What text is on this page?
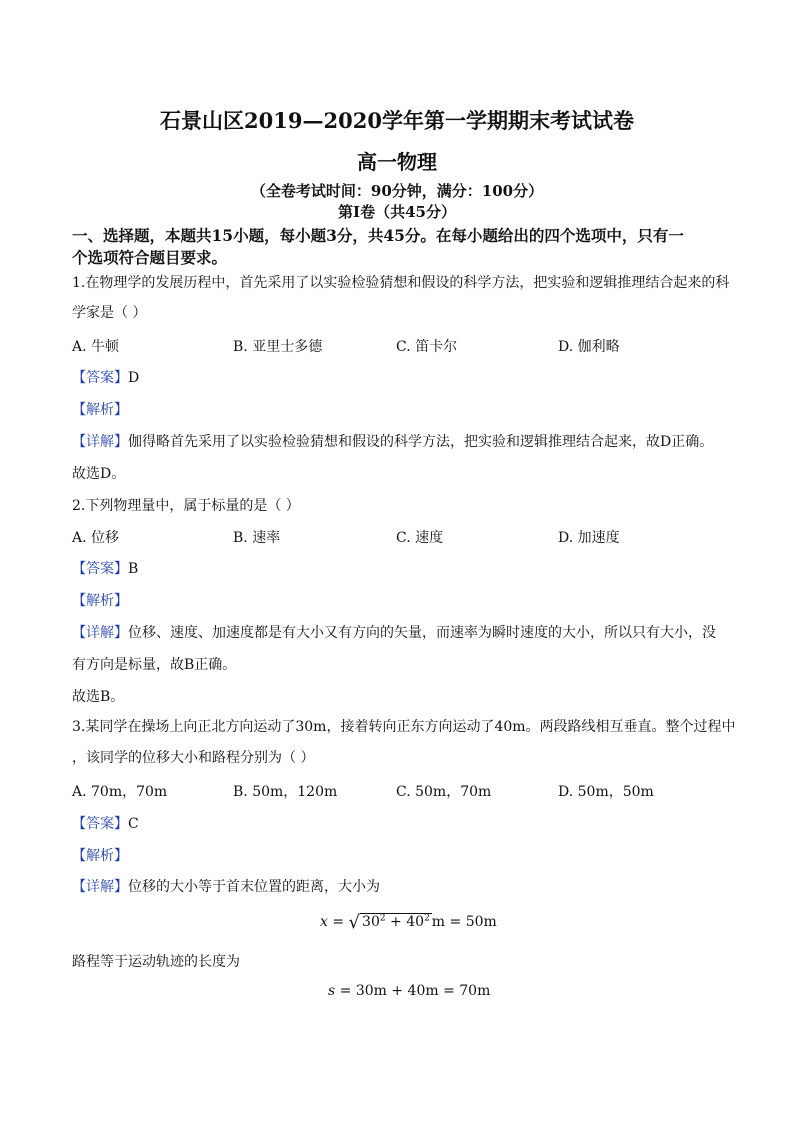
石景山区2019—2020学年第一学期期末考试试卷
高一物理
（全卷考试时间：90分钟，满分：100分）
第I卷（共45分）
一、选择题，本题共15小题，每小题3分，共45分。在每小题给出的四个选项中，只有一
个选项符合题目要求。
1.在物理学的发展历程中，首先采用了以实验检验猜想和假设的科学方法，把实验和逻辑推理结合起来的科
学家是（ ）
A. 牛顿	B. 亚里士多德	C. 笛卡尔	D. 伽利略
【答案】D
【解析】
【详解】伽得略首先采用了以实验检验猜想和假设的科学方法，把实验和逻辑推理结合起来，故D正确。
故选D。
2.下列物理量中，属于标量的是（ ）
A. 位移	B. 速率	C. 速度	D. 加速度
【答案】B
【解析】
【详解】位移、速度、加速度都是有大小又有方向的矢量，而速率为瞬时速度的大小，所以只有大小，没
有方向是标量，故B正确。
故选B。
3.某同学在操场上向正北方向运动了30m，接着转向正东方向运动了40m。两段路线相互垂直。整个过程中
，该同学的位移大小和路程分别为（ ）
A. 70m，70m	B. 50m，120m	C. 50m，70m	D. 50m，50m
【答案】C
【解析】
【详解】位移的大小等于首末位置的距离，大小为
x = √ $30^2 + 40^2$ m = 50m
路程等于运动轨迹的长度为
s = 30m + 40m = 70m
